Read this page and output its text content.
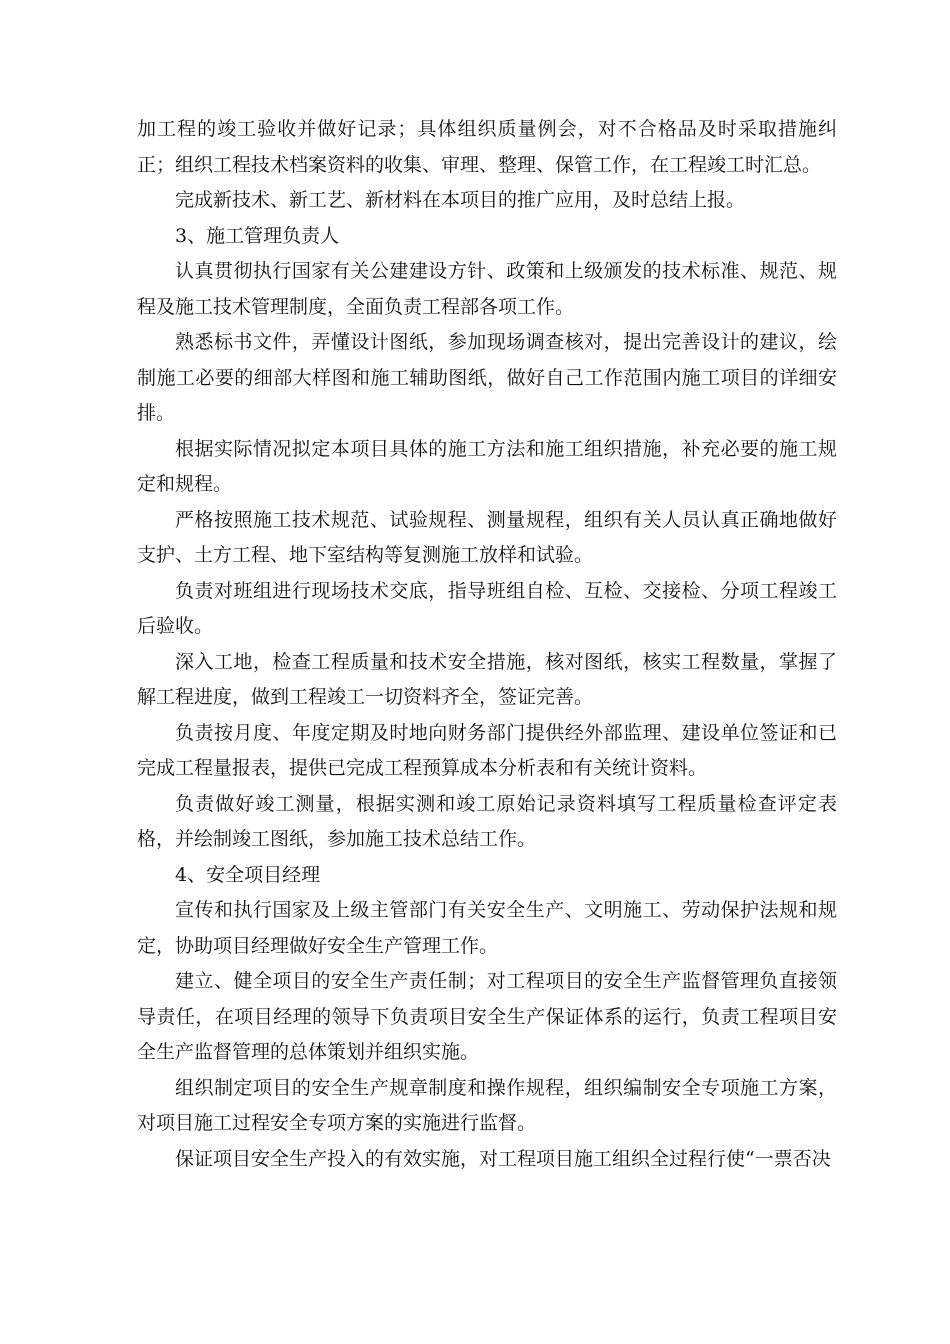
加工程的竣工验收并做好记录；具体组织质量例会，对不合格品及时采取措施纠正；组织工程技术档案资料的收集、审理、整理、保管工作，在工程竣工时汇总。

完成新技术、新工艺、新材料在本项目的推广应用，及时总结上报。

3、施工管理负责人

认真贯彻执行国家有关公建建设方针、政策和上级颁发的技术标准、规范、规程及施工技术管理制度，全面负责工程部各项工作。

熟悉标书文件，弄懂设计图纸，参加现场调查核对，提出完善设计的建议，绘制施工必要的细部大样图和施工辅助图纸，做好自己工作范围内施工项目的详细安排。

根据实际情况拟定本项目具体的施工方法和施工组织措施，补充必要的施工规定和规程。

严格按照施工技术规范、试验规程、测量规程，组织有关人员认真正确地做好支护、土方工程、地下室结构等复测施工放样和试验。

负责对班组进行现场技术交底，指导班组自检、互检、交接检、分项工程竣工后验收。

深入工地，检查工程质量和技术安全措施，核对图纸，核实工程数量，掌握了解工程进度，做到工程竣工一切资料齐全，签证完善。

负责按月度、年度定期及时地向财务部门提供经外部监理、建设单位签证和已完成工程量报表，提供已完成工程预算成本分析表和有关统计资料。

负责做好竣工测量，根据实测和竣工原始记录资料填写工程质量检查评定表格，并绘制竣工图纸，参加施工技术总结工作。

4、安全项目经理

宣传和执行国家及上级主管部门有关安全生产、文明施工、劳动保护法规和规定，协助项目经理做好安全生产管理工作。

建立、健全项目的安全生产责任制；对工程项目的安全生产监督管理负直接领导责任，在项目经理的领导下负责项目安全生产保证体系的运行，负责工程项目安全生产监督管理的总体策划并组织实施。

组织制定项目的安全生产规章制度和操作规程，组织编制安全专项施工方案，对项目施工过程安全专项方案的实施进行监督。

保证项目安全生产投入的有效实施，对工程项目施工组织全过程行使“一票否决
